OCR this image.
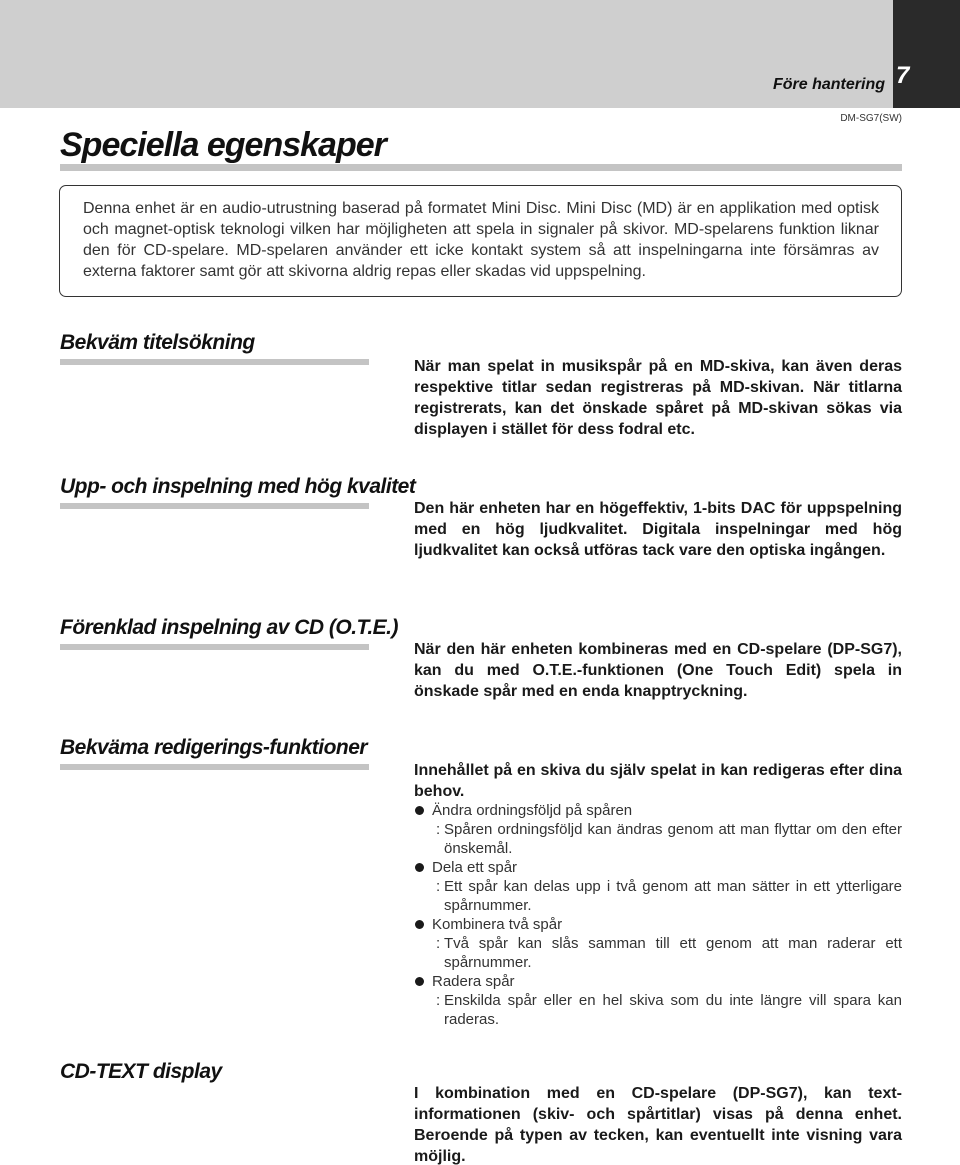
7
Före hantering
Speciella egenskaper
DM-SG7(SW)

Denna enhet är en audio-utrustning baserad på formatet Mini Disc. Mini Disc (MD) är en applikation med optisk och magnet-optisk teknologi vilken har möjligheten att spela in signaler på skivor. MD-spelarens funktion liknar den för CD-spelare. MD-spelaren använder ett icke kontakt system så att inspelningarna inte försämras av externa faktorer samt gör att skivorna aldrig repas eller skadas vid uppspelning.

Bekväm titelsökning

När man spelat in musikspår på en MD-skiva, kan även deras respektive titlar sedan registreras på MD-skivan. När titlarna registrerats, kan det önskade spåret på MD-skivan sökas via displayen i stället för dess fodral etc.

Upp- och inspelning med hög kvalitet

Den här enheten har en högeffektiv, 1-bits DAC för uppspelning med en hög ljudkvalitet. Digitala inspelningar med hög ljudkvalitet kan också utföras tack vare den optiska ingången.

Förenklad inspelning av CD (O.T.E.)

När den här enheten kombineras med en CD-spelare (DP-SG7), kan du med O.T.E.-funktionen (One Touch Edit) spela in önskade spår med en enda knapptryckning.

Bekväma redigerings-funktioner

Innehållet på en skiva du själv spelat in kan redigeras efter dina behov.

Ändra ordningsföljd på spåren
: Spåren ordningsföljd kan ändras genom att man flyttar om den efter önskemål.
Dela ett spår
: Ett spår kan delas upp i två genom att man sätter in ett ytterligare spårnummer.
Kombinera två spår
: Två spår kan slås samman till ett genom att man raderar ett spårnummer.
Radera spår
: Enskilda spår eller en hel skiva som du inte längre vill spara kan raderas.
CD-TEXT display

I kombination med en CD-spelare (DP-SG7), kan text-informationen (skiv- och spårtitlar) visas på denna enhet. Beroende på typen av tecken, kan eventuellt inte visning vara möjlig.
